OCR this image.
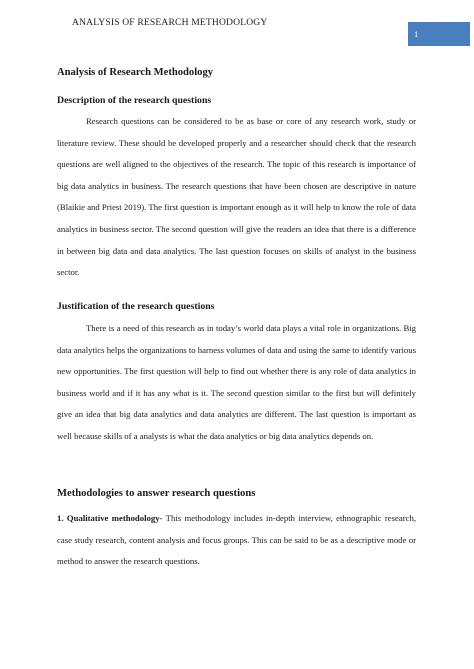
ANALYSIS OF RESEARCH METHODOLOGY
1
Analysis of Research Methodology
Description of the research questions

Research questions can be considered to be as base or core of any research work, study or literature review. These should be developed properly and a researcher should check that the research questions are well aligned to the objectives of the research. The topic of this research is importance of big data analytics in business. The research questions that have been chosen are descriptive in nature (Blaikie and Priest 2019). The first question is important enough as it will help to know the role of data analytics in business sector. The second question will give the readers an idea that there is a difference in between big data and data analytics. The last question focuses on skills of analyst in the business sector.

Justification of the research questions

There is a need of this research as in today’s world data plays a vital role in organizations. Big data analytics helps the organizations to harness volumes of data and using the same to identify various new opportunities. The first question will help to find out whether there is any role of data analytics in business world and if it has any what is it. The second question similar to the first but will definitely give an idea that big data analytics and data analytics are different. The last question is important as well because skills of a analysts is what the data analytics or big data analytics depends on.

Methodologies to answer research questions

1. Qualitative methodology- This methodology includes in-depth interview, ethnographic research, case study research, content analysis and focus groups. This can be said to be as a descriptive mode or method to answer the research questions.
